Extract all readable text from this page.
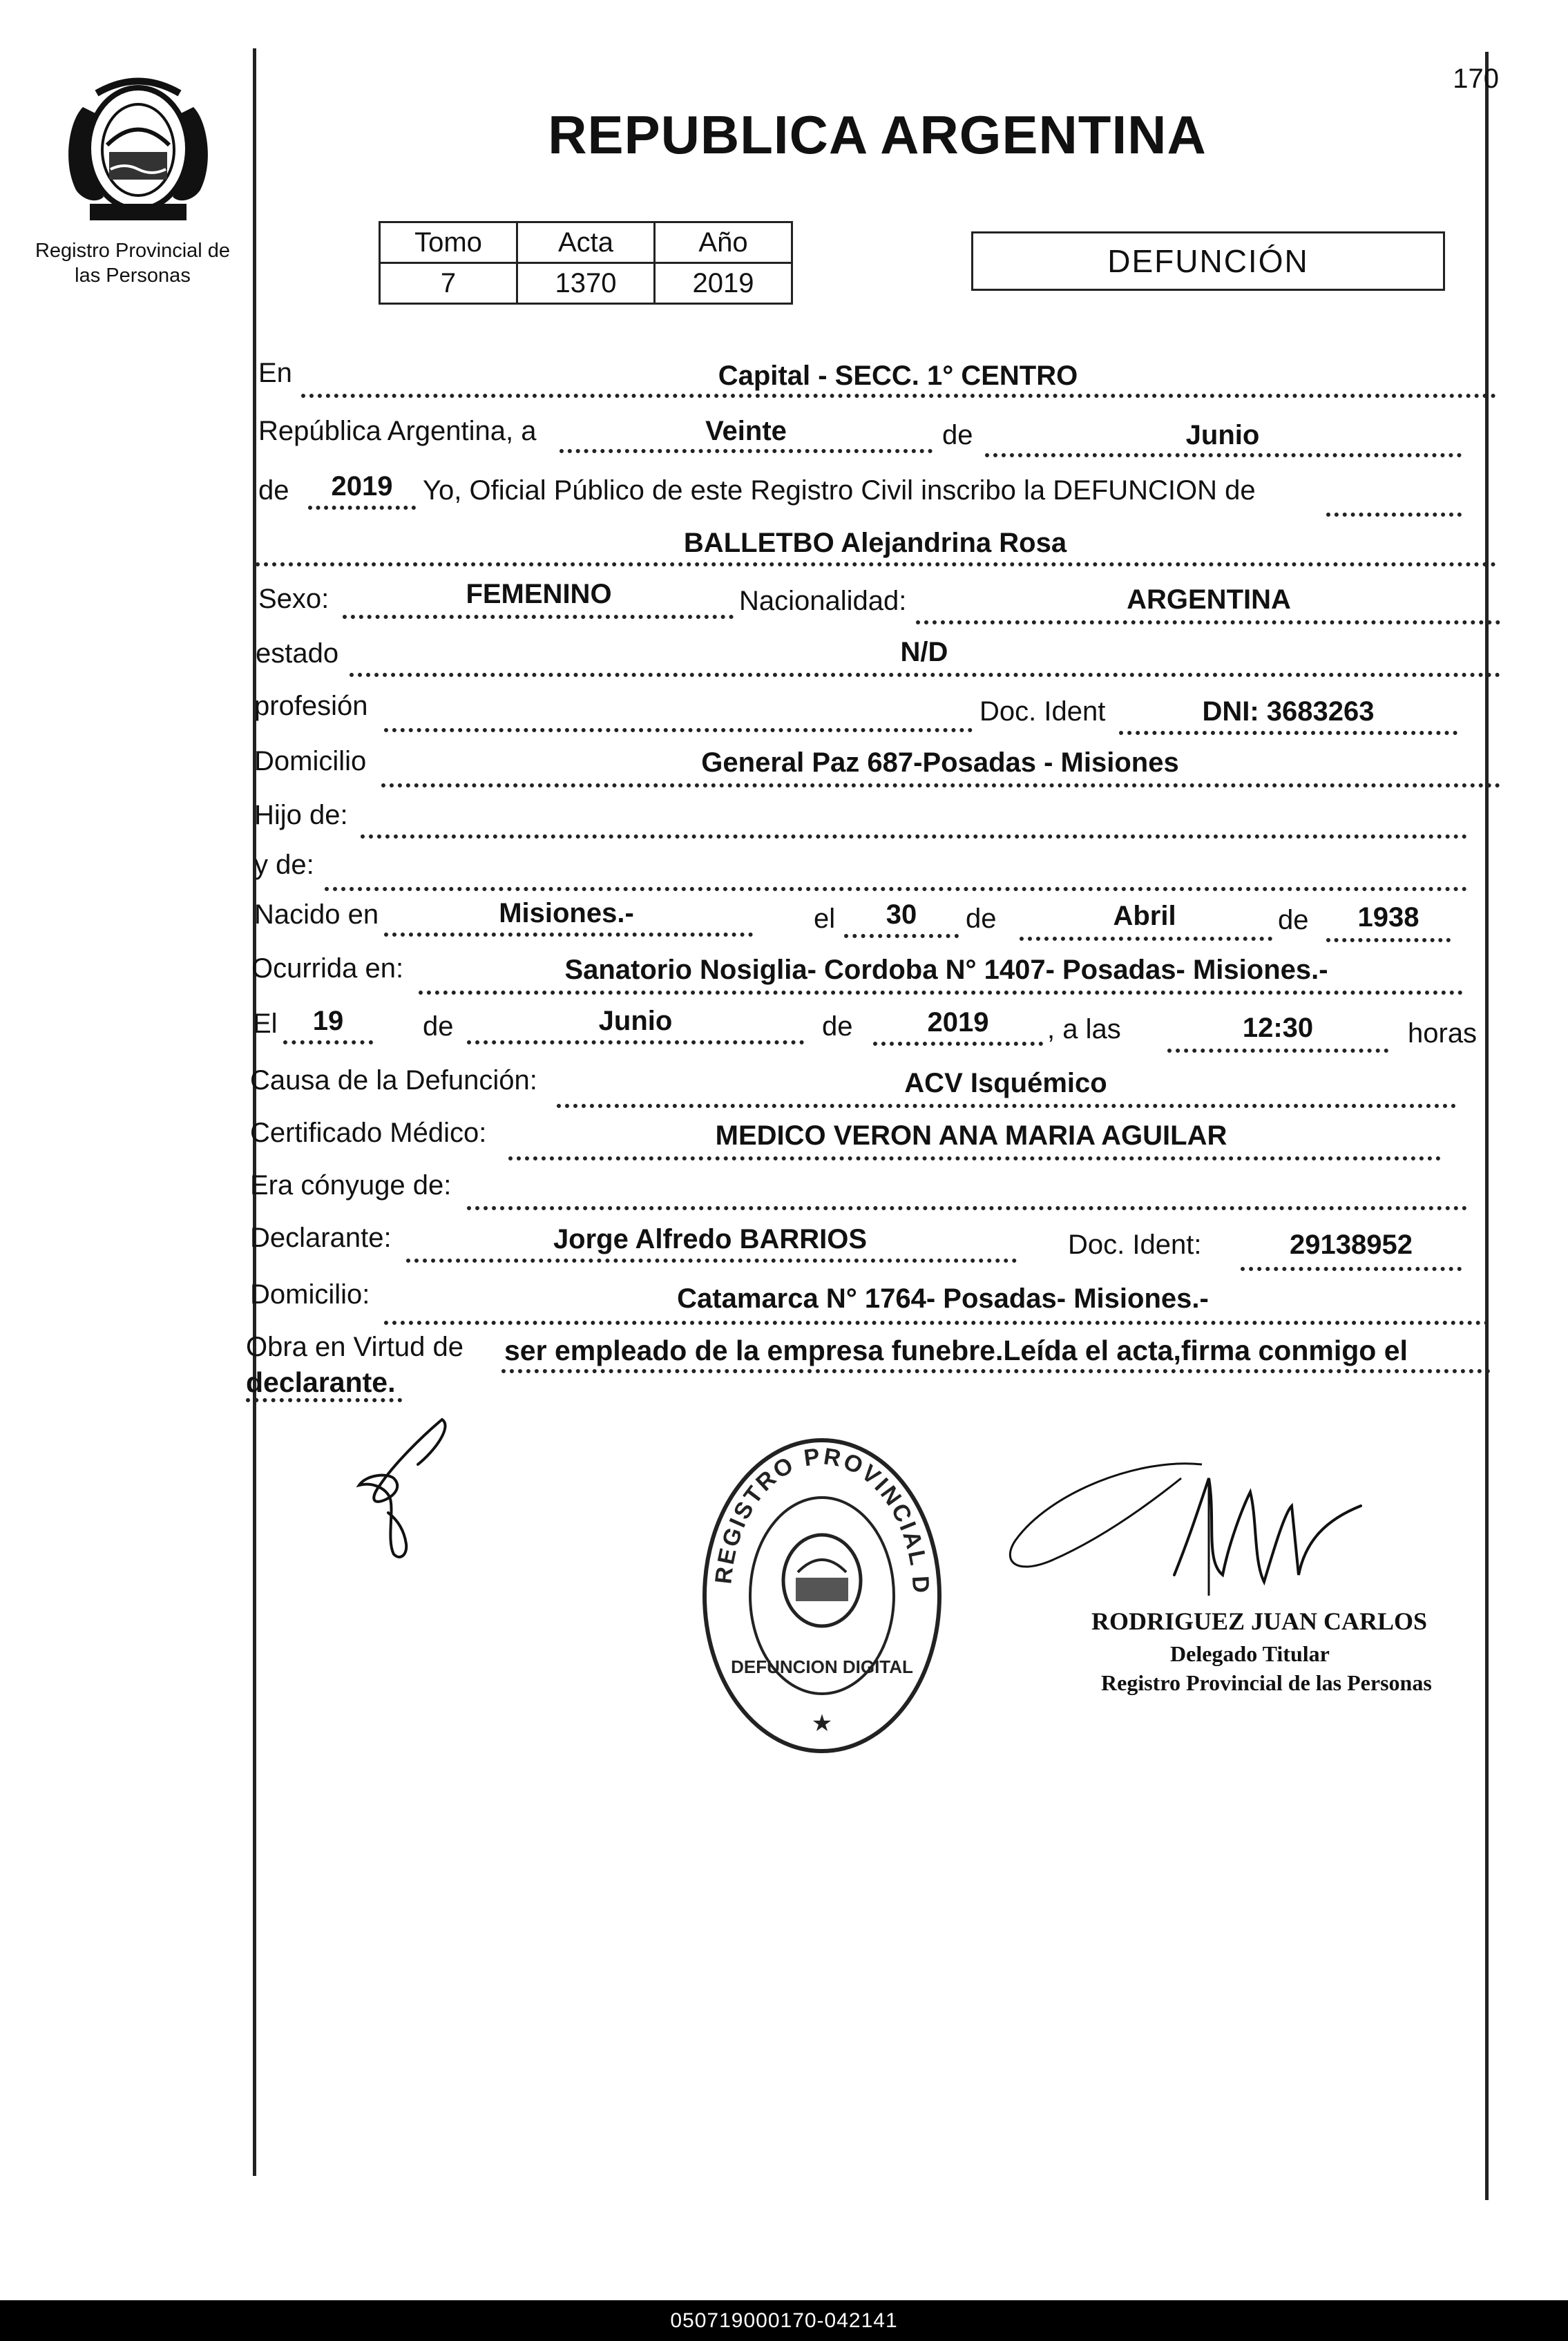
170
Registro Provincial de
las Personas
REPUBLICA ARGENTINA
Tomo	Acta	Año
7	1370	2019
DEFUNCIÓN
En	Capital - SECC. 1° CENTRO
República Argentina, a	Veinte	de	Junio
de	2019	Yo, Oficial Público de este Registro Civil inscribo la DEFUNCION de
BALLETBO Alejandrina Rosa
Sexo:	FEMENINO	Nacionalidad:	ARGENTINA
estado	N/D
profesión	Doc. Ident	DNI: 3683263
Domicilio	General Paz 687-Posadas - Misiones
Hijo de:
y de:
Nacido en	Misiones.-	el	30	de	Abril	de	1938
Ocurrida en:	Sanatorio Nosiglia- Cordoba N° 1407- Posadas- Misiones.-
El	19	de	Junio	de	2019	, a las	12:30	horas
Causa de la Defunción:	ACV Isquémico
Certificado Médico:	MEDICO VERON ANA MARIA AGUILAR
Era cónyuge de:
Declarante:	Jorge Alfredo BARRIOS	Doc. Ident:	29138952
Domicilio:	Catamarca N° 1764- Posadas- Misiones.-
Obra en Virtud de ser empleado de la empresa funebre.Leída el acta,firma conmigo el
declarante.
REGISTRO PROVINCIAL D
DEFUNCION DIGITAL
★
RODRIGUEZ JUAN CARLOS
Delegado Titular
Registro Provincial de las Personas
050719000170-042141
